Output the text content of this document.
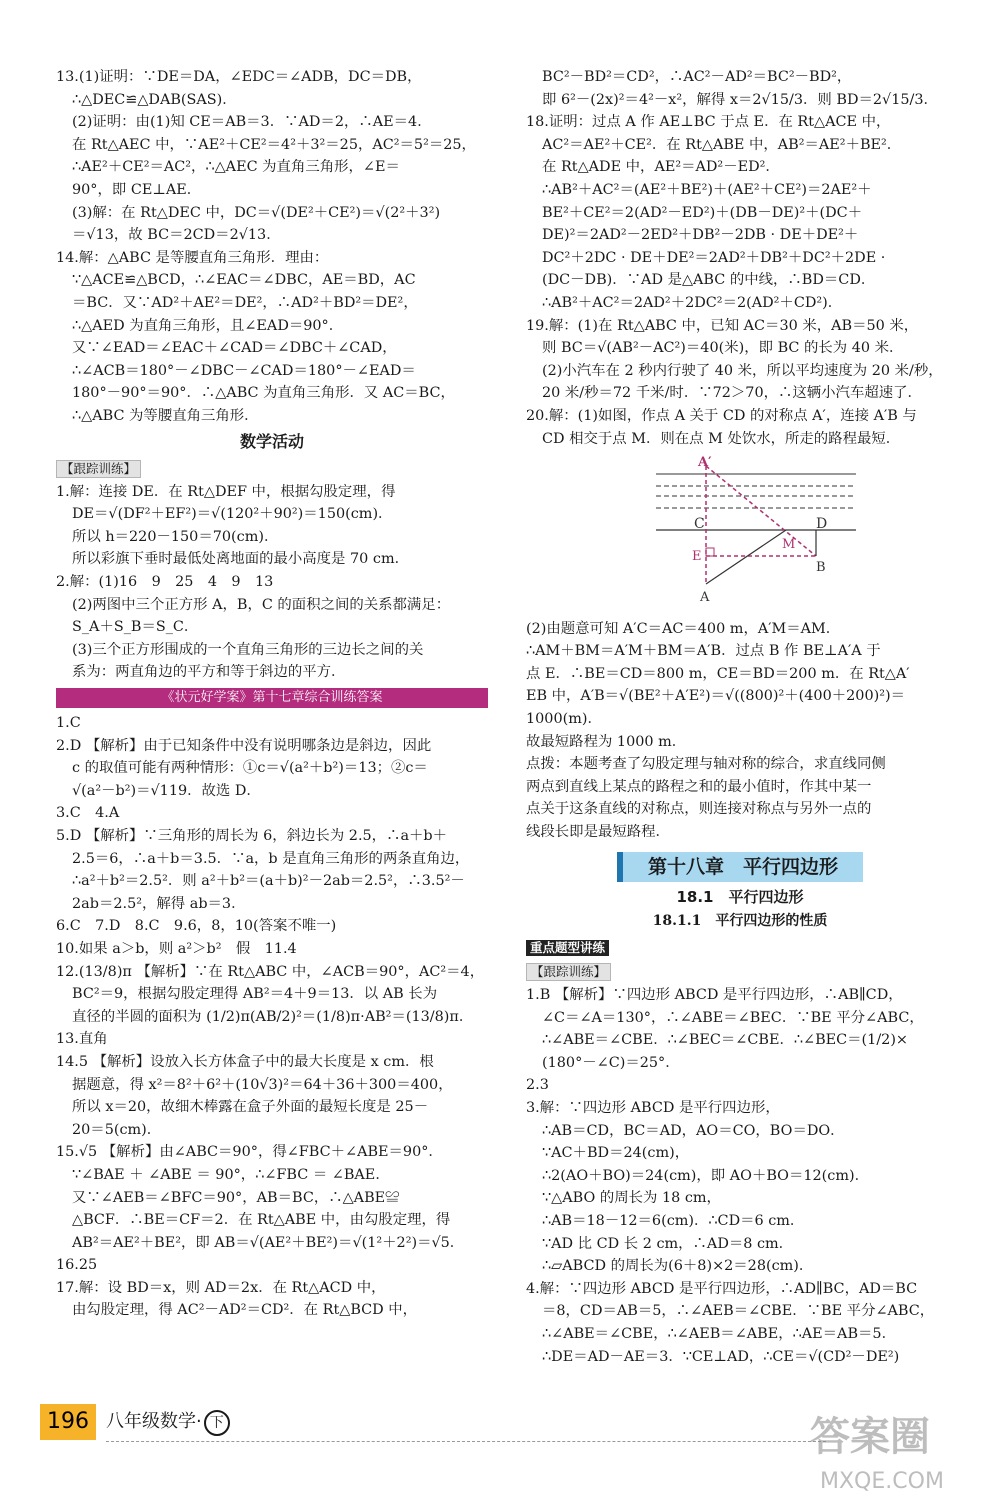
13.(1)证明：∵DE＝DA，∠EDC＝∠ADB，DC＝DB，
∴△DEC≌△DAB(SAS)．
(2)证明：由(1)知 CE＝AB＝3．∵AD＝2，∴AE＝4．
在 Rt△AEC 中，∵AE²＋CE²＝4²＋3²＝25，AC²＝5²＝25，
∴AE²＋CE²＝AC²，∴△AEC 为直角三角形，∠E＝
90°，即 CE⊥AE．
(3)解：在 Rt△DEC 中，DC＝√(DE²＋CE²)＝√(2²＋3²)
＝√13，故 BC＝2CD＝2√13．
14.解：△ABC 是等腰直角三角形．理由：
∵△ACE≌△BCD，∴∠EAC＝∠DBC，AE＝BD，AC
＝BC．又∵AD²＋AE²＝DE²，∴AD²＋BD²＝DE²，
∴△AED 为直角三角形，且∠EAD＝90°．
又∵∠EAD＝∠EAC＋∠CAD＝∠DBC＋∠CAD，
∴∠ACB＝180°－∠DBC－∠CAD＝180°－∠EAD＝
180°－90°＝90°．∴△ABC 为直角三角形．又 AC＝BC，
∴△ABC 为等腰直角三角形．
数学活动
【跟踪训练】
1.解：连接 DE．在 Rt△DEF 中，根据勾股定理，得
DE＝√(DF²＋EF²)＝√(120²＋90²)＝150(cm)．
所以 h＝220－150＝70(cm)．
所以彩旗下垂时最低处离地面的最小高度是 70 cm．
2.解：(1)16　9　25　4　9　13
(2)两图中三个正方形 A，B，C 的面积之间的关系都满足：
S_A＋S_B＝S_C．
(3)三个正方形围成的一个直角三角形的三边长之间的关
系为：两直角边的平方和等于斜边的平方．
《状元好学案》第十七章综合训练答案
1.C
2.D 【解析】由于已知条件中没有说明哪条边是斜边，因此
c 的取值可能有两种情形：①c＝√(a²＋b²)＝13；②c＝
√(a²－b²)＝√119．故选 D．
3.C　4.A
5.D 【解析】∵三角形的周长为 6，斜边长为 2.5，∴a＋b＋
2.5＝6，∴a＋b＝3.5．∵a，b 是直角三角形的两条直角边，
∴a²＋b²＝2.5²．则 a²＋b²＝(a＋b)²－2ab＝2.5²，∴3.5²－
2ab＝2.5²，解得 ab＝3．
6.C　7.D　8.C　9.6，8，10(答案不唯一)
10.如果 a＞b，则 a²＞b²　假　11.4
12.(13/8)π 【解析】∵在 Rt△ABC 中，∠ACB＝90°，AC²＝4，
BC²＝9，根据勾股定理得 AB²＝4＋9＝13．以 AB 长为
直径的半圆的面积为 (1/2)π(AB/2)²＝(1/8)π·AB²＝(13/8)π．
13.直角
14.5 【解析】设放入长方体盒子中的最大长度是 x cm．根
据题意，得 x²＝8²＋6²＋(10√3)²＝64＋36＋300＝400，
所以 x＝20，故细木棒露在盒子外面的最短长度是 25－
20＝5(cm)．
15.√5 【解析】由∠ABC＝90°，得∠FBC＋∠ABE＝90°．
∵∠BAE ＋ ∠ABE ＝ 90°，∴∠FBC ＝ ∠BAE．
又∵∠AEB＝∠BFC＝90°，AB＝BC，∴△ABE≌
△BCF．∴BE＝CF＝2．在 Rt△ABE 中，由勾股定理，得
AB²＝AE²＋BE²，即 AB＝√(AE²＋BE²)＝√(1²＋2²)＝√5．
16.25
17.解：设 BD＝x，则 AD＝2x．在 Rt△ACD 中，
由勾股定理，得 AC²－AD²＝CD²．在 Rt△BCD 中，
BC²－BD²＝CD²，∴AC²－AD²＝BC²－BD²，
即 6²－(2x)²＝4²－x²，解得 x＝2√15/3．则 BD＝2√15/3．
18.证明：过点 A 作 AE⊥BC 于点 E．在 Rt△ACE 中，
AC²＝AE²＋CE²．在 Rt△ABE 中，AB²＝AE²＋BE²．
在 Rt△ADE 中，AE²＝AD²－ED²．
∴AB²＋AC²＝(AE²＋BE²)＋(AE²＋CE²)＝2AE²＋
BE²＋CE²＝2(AD²－ED²)＋(DB－DE)²＋(DC＋
DE)²＝2AD²－2ED²＋DB²－2DB · DE＋DE²＋
DC²＋2DC · DE＋DE²＝2AD²＋DB²＋DC²＋2DE ·
(DC－DB)．∵AD 是△ABC 的中线，∴BD＝CD．
∴AB²＋AC²＝2AD²＋2DC²＝2(AD²＋CD²)．
19.解：(1)在 Rt△ABC 中，已知 AC＝30 米，AB＝50 米，
则 BC＝√(AB²－AC²)＝40(米)，即 BC 的长为 40 米．
(2)小汽车在 2 秒内行驶了 40 米，所以平均速度为 20 米/秒，
20 米/秒＝72 千米/时．∵72＞70，∴这辆小汽车超速了．
20.解：(1)如图，作点 A 关于 CD 的对称点 A′，连接 A′B 与
CD 相交于点 M．则在点 M 处饮水，所走的路程最短．
A′
C	D
M
E
B
A
(2)由题意可知 A′C＝AC＝400 m，A′M＝AM．
∴AM＋BM＝A′M＋BM＝A′B．过点 B 作 BE⊥A′A 于
点 E．∴BE＝CD＝800 m，CE＝BD＝200 m．在 Rt△A′
EB 中，A′B＝√(BE²＋A′E²)＝√((800)²＋(400＋200)²)＝
1000(m)．
故最短路程为 1000 m．
点拨：本题考查了勾股定理与轴对称的综合，求直线同侧
两点到直线上某点的路程之和的最小值时，作其中某一
点关于这条直线的对称点，则连接对称点与另外一点的
线段长即是最短路程．
第十八章　平行四边形
18.1　平行四边形
18.1.1　平行四边形的性质
重点题型讲练
【跟踪训练】
1.B 【解析】∵四边形 ABCD 是平行四边形，∴AB∥CD，
∠C＝∠A＝130°，∴∠ABE＝∠BEC．∵BE 平分∠ABC，
∴∠ABE＝∠CBE．∴∠BEC＝∠CBE．∴∠BEC＝(1/2)×
(180°－∠C)＝25°．
2.3
3.解：∵四边形 ABCD 是平行四边形，
∴AB＝CD，BC＝AD，AO＝CO，BO＝DO．
∵AC＋BD＝24(cm)，
∴2(AO＋BO)＝24(cm)，即 AO＋BO＝12(cm)．
∵△ABO 的周长为 18 cm，
∴AB＝18－12＝6(cm)．∴CD＝6 cm．
∵AD 比 CD 长 2 cm，∴AD＝8 cm．
∴▱ABCD 的周长为(6＋8)×2＝28(cm)．
4.解：∵四边形 ABCD 是平行四边形，∴AD∥BC，AD＝BC
＝8，CD＝AB＝5，∴∠AEB＝∠CBE．∵BE 平分∠ABC，
∴∠ABE＝∠CBE，∴∠AEB＝∠ABE，∴AE＝AB＝5．
∴DE＝AD－AE＝3．∵CE⊥AD，∴CE＝√(CD²－DE²)
196 八年级数学· 下	答案圈
MXQE.COM
